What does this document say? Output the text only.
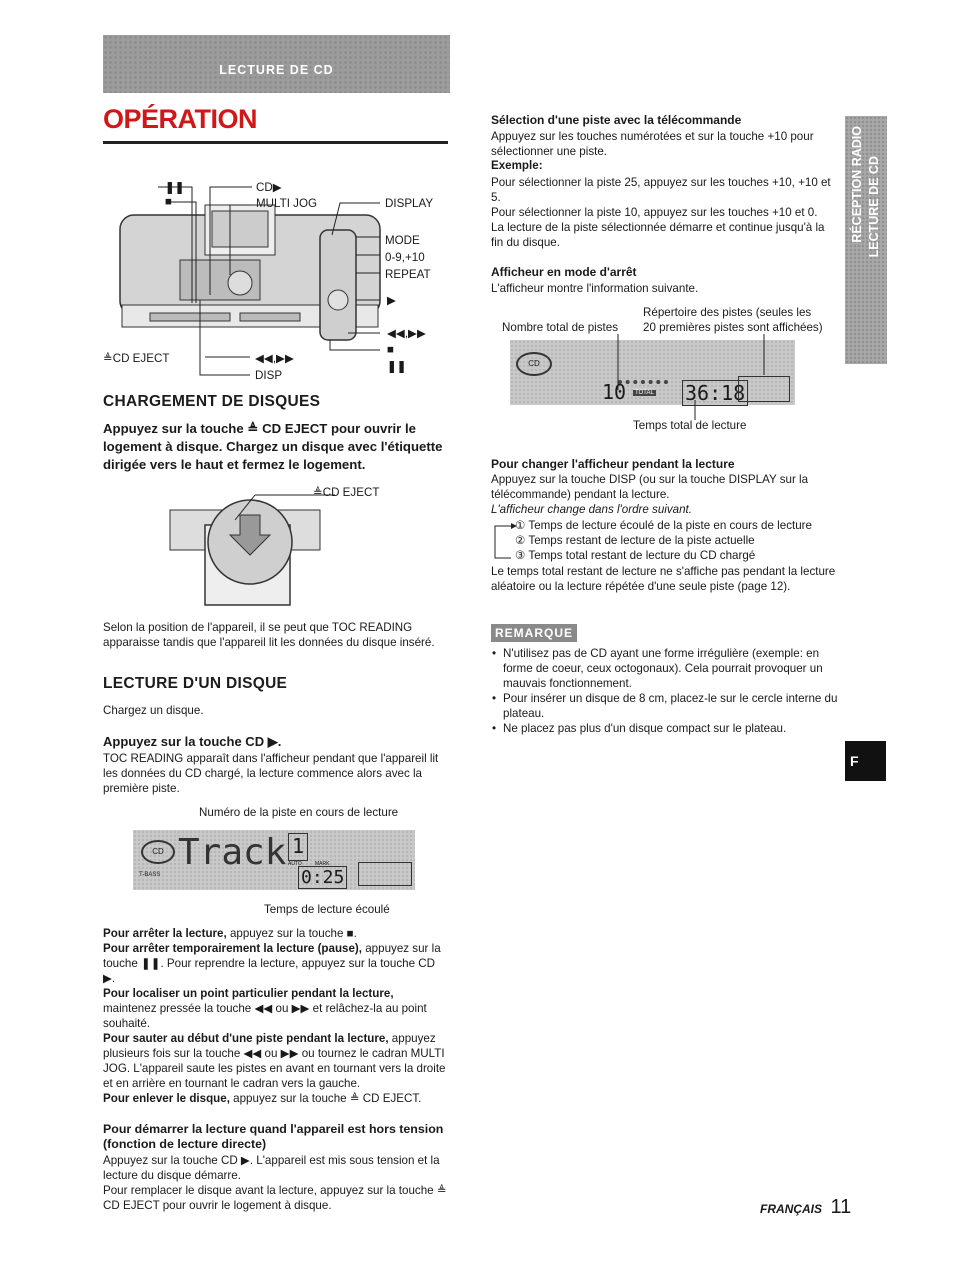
LECTURE DE CD
OPÉRATION
❚❚
■
CD▶
MULTI JOG	DISPLAY
MODE
0-9,+10
REPEAT
▶
◀◀,▶▶
■
❚❚
≜CD EJECT	◀◀,▶▶
DISP
CHARGEMENT DE DISQUES
Appuyez sur la touche ≜ CD EJECT pour ouvrir le logement à disque. Chargez un disque avec l'étiquette dirigée vers le haut et fermez le logement.
≜CD EJECT
Selon la position de l'appareil, il se peut que TOC READING apparaisse tandis que l'appareil lit les données du disque inséré.
LECTURE D'UN DISQUE
Chargez un disque.
Appuyez sur la touche CD ▶.
TOC READING apparaît dans l'afficheur pendant que l'appareil lit les données du CD chargé, la lecture commence alors avec la première piste.
Numéro de la piste en cours de lecture
CD Track 1
T-BASS
AUTO	MARK
0:25
Temps de lecture écoulé
Pour arrêter la lecture, appuyez sur la touche ■.
Pour arrêter temporairement la lecture (pause), appuyez sur la touche ❚❚. Pour reprendre la lecture, appuyez sur la touche CD ▶.
Pour localiser un point particulier pendant la lecture, maintenez pressée la touche ◀◀ ou ▶▶ et relâchez-la au point souhaité.
Pour sauter au début d'une piste pendant la lecture, appuyez plusieurs fois sur la touche ◀◀ ou ▶▶ ou tournez le cadran MULTI JOG. L'appareil saute les pistes en avant en tournant vers la droite et en arrière en tournant le cadran vers la gauche.
Pour enlever le disque, appuyez sur la touche ≜ CD EJECT.
Pour démarrer la lecture quand l'appareil est hors tension (fonction de lecture directe)
Appuyez sur la touche CD ▶. L'appareil est mis sous tension et la lecture du disque démarre.
Pour remplacer le disque avant la lecture, appuyez sur la touche ≜ CD EJECT pour ouvrir le logement à disque.
Sélection d'une piste avec la télécommande
Appuyez sur les touches numérotées et sur la touche +10 pour sélectionner une piste.
Exemple:
Pour sélectionner la piste 25, appuyez sur les touches +10, +10 et 5.
Pour sélectionner la piste 10, appuyez sur les touches +10 et 0.
La lecture de la piste sélectionnée démarre et continue jusqu'à la fin du disque.
Afficheur en mode d'arrêt
L'afficheur montre l'information suivante.
Répertoire des pistes (seules les
Nombre total de pistes 20 premières pistes sont affichées)
CD
10	TOTAL 36:18
Temps total de lecture
Pour changer l'afficheur pendant la lecture
Appuyez sur la touche DISP (ou sur la touche DISPLAY sur la télécommande) pendant la lecture.
L'afficheur change dans l'ordre suivant.
① Temps de lecture écoulé de la piste en cours de lecture
② Temps restant de lecture de la piste actuelle
③ Temps total restant de lecture du CD chargé
Le temps total restant de lecture ne s'affiche pas pendant la lecture aléatoire ou la lecture répétée d'une seule piste (page 12).
REMARQUE
• N'utilisez pas de CD ayant une forme irrégulière (exemple: en forme de coeur, ceux octogonaux). Cela pourrait provoquer un mauvais fonctionnement.
• Pour insérer un disque de 8 cm, placez-le sur le cercle interne du plateau.
• Ne placez pas plus d'un disque compact sur le plateau.
RÉCEPTION RADIO LECTURE DE CD
F
FRANÇAIS 11
